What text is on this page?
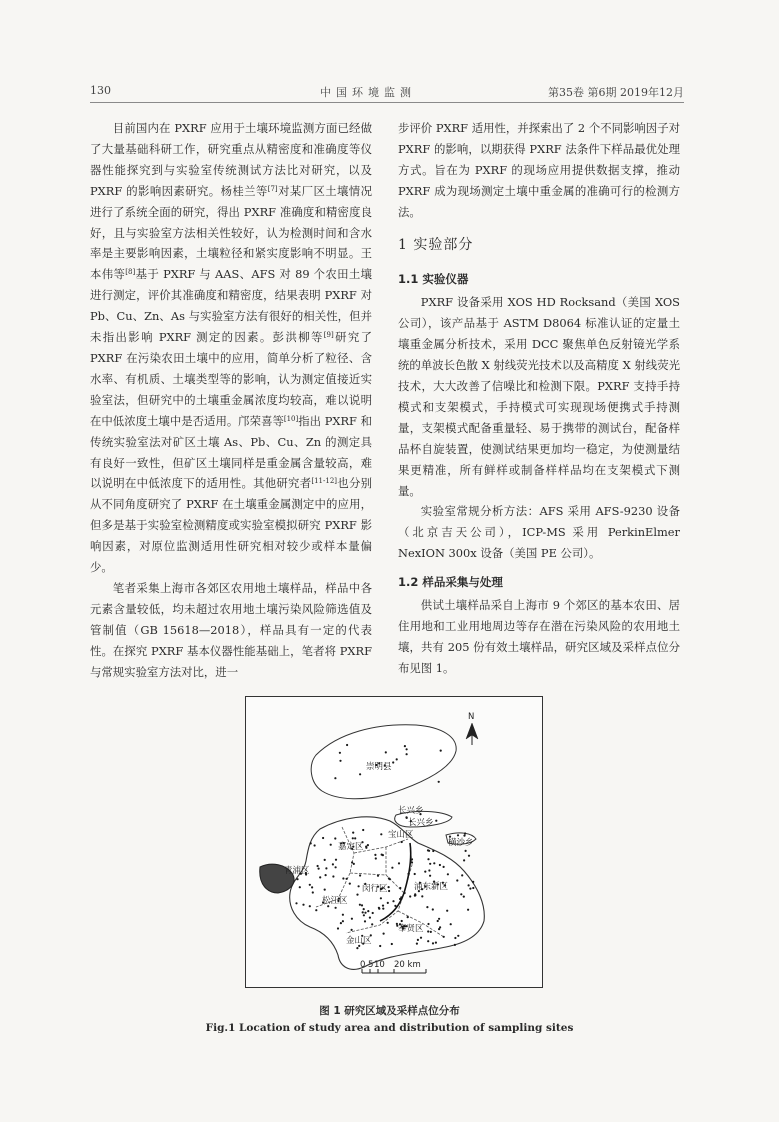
130	中国环境监测	第35卷 第6期 2019年12月

目前国内在 PXRF 应用于土壤环境监测方面已经做了大量基础科研工作，研究重点从精密度和准确度等仪器性能探究到与实验室传统测试方法比对研究，以及 PXRF 的影响因素研究。杨桂兰等[7]对某厂区土壤情况进行了系统全面的研究，得出 PXRF 准确度和精密度良好，且与实验室方法相关性较好，认为检测时间和含水率是主要影响因素，土壤粒径和紧实度影响不明显。王本伟等[8]基于 PXRF 与 AAS、AFS 对 89 个农田土壤进行测定，评价其准确度和精密度，结果表明 PXRF 对 Pb、Cu、Zn、As 与实验室方法有很好的相关性，但并未指出影响 PXRF 测定的因素。彭洪柳等[9]研究了 PXRF 在污染农田土壤中的应用，简单分析了粒径、含水率、有机质、土壤类型等的影响，认为测定值接近实验室法，但研究中的土壤重金属浓度均较高，难以说明在中低浓度土壤中是否适用。邝荣喜等[10]指出 PXRF 和传统实验室法对矿区土壤 As、Pb、Cu、Zn 的测定具有良好一致性，但矿区土壤同样是重金属含量较高，难以说明在中低浓度下的适用性。其他研究者[11-12]也分别从不同角度研究了 PXRF 在土壤重金属测定中的应用，但多是基于实验室检测精度或实验室模拟研究 PXRF 影响因素，对原位监测适用性研究相对较少或样本量偏少。

笔者采集上海市各郊区农用地土壤样品，样品中各元素含量较低，均未超过农用地土壤污染风险筛选值及管制值（GB 15618—2018），样品具有一定的代表性。在探究 PXRF 基本仪器性能基础上，笔者将 PXRF 与常规实验室方法对比，进一

步评价 PXRF 适用性，并探索出了 2 个不同影响因子对 PXRF 的影响，以期获得 PXRF 法条件下样品最优处理方式。旨在为 PXRF 的现场应用提供数据支撑，推动 PXRF 成为现场测定土壤中重金属的准确可行的检测方法。

1 实验部分
1.1 实验仪器

PXRF 设备采用 XOS HD Rocksand（美国 XOS 公司），该产品基于 ASTM D8064 标准认证的定量土壤重金属分析技术，采用 DCC 聚焦单色反射镜光学系统的单波长色散 X 射线荧光技术以及高精度 X 射线荧光技术，大大改善了信噪比和检测下限。PXRF 支持手持模式和支架模式，手持模式可实现现场便携式手持测量，支架模式配备重量轻、易于携带的测试台，配备样品杯自旋装置，使测试结果更加均一稳定，为使测量结果更精准，所有鲜样或制备样样品均在支架模式下测量。

实验室常规分析方法：AFS 采用 AFS-9230 设备（北京吉天公司），ICP-MS 采用 PerkinElmer NexION 300x 设备（美国 PE 公司）。

1.2 样品采集与处理

供试土壤样品采自上海市 9 个郊区的基本农田、居住用地和工业用地周边等存在潜在污染风险的农用地土壤，共有 205 份有效土壤样品，研究区域及采样点位分布见图 1。

N
崇明县
长兴乡
长兴乡
横沙乡
嘉定区
宝山区
青浦区
闵行区	浦东新区
松江区
奉贤区
金山区
0 5 10 20 km
图 1 研究区域及采样点位分布
Fig.1 Location of study area and distribution of sampling sites
